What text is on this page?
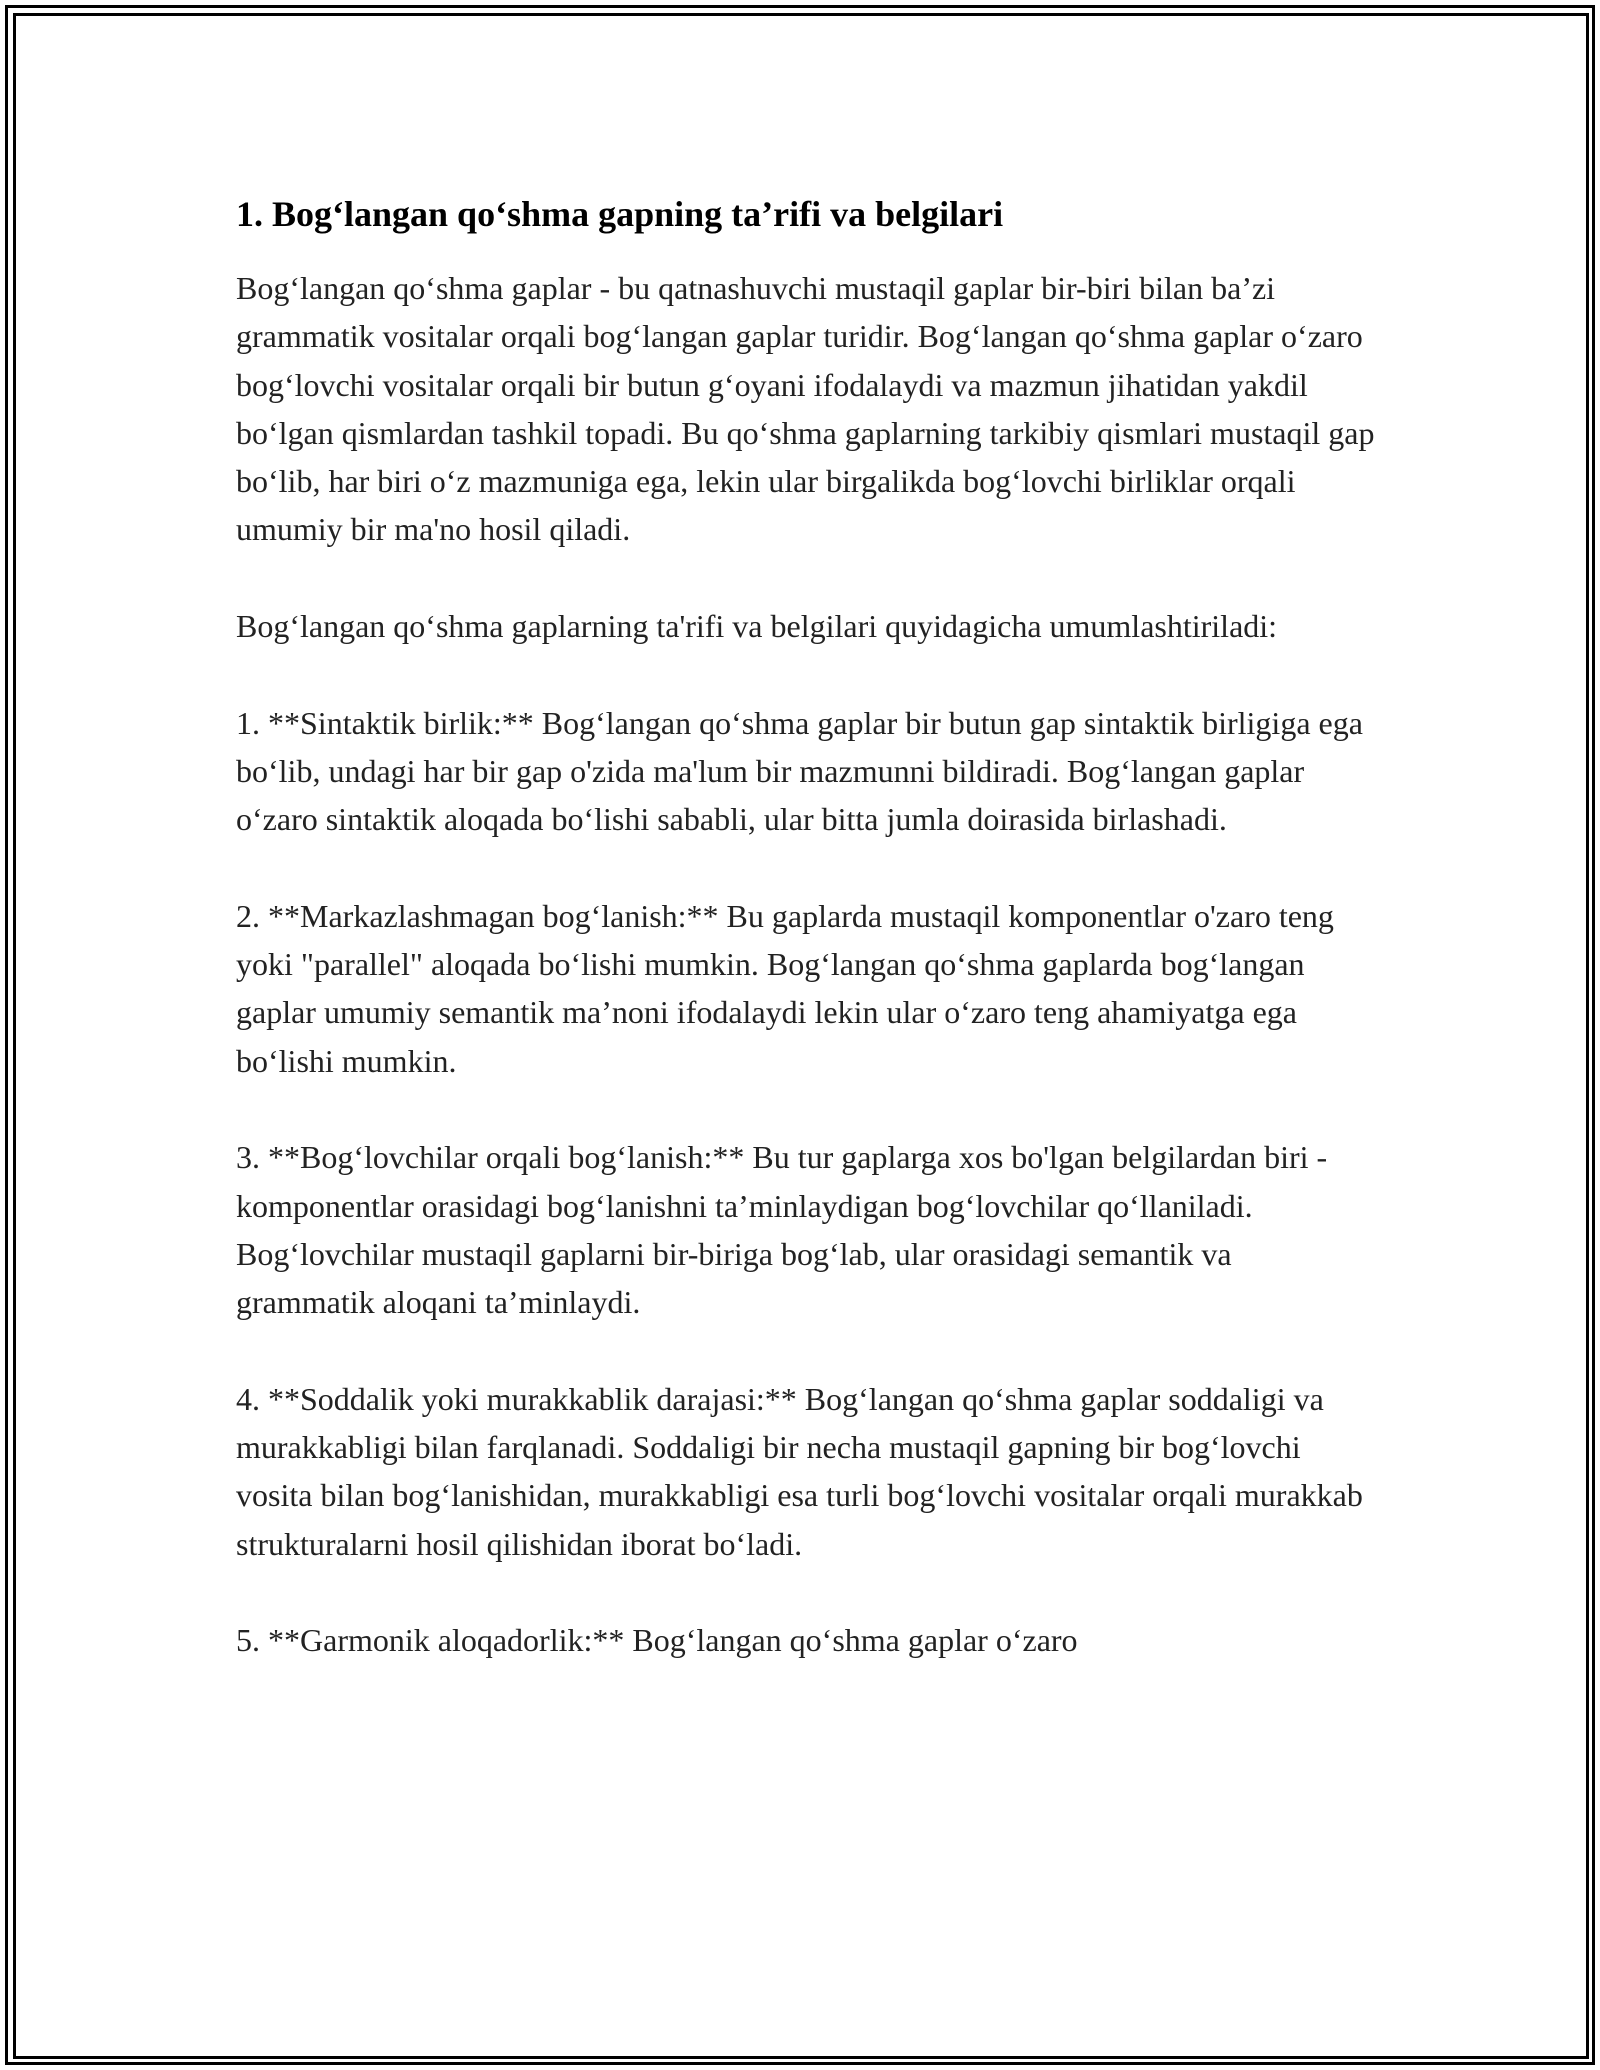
1. Bog‘langan qo‘shma gapning ta’rifi va belgilari

Bog‘langan qo‘shma gaplar - bu qatnashuvchi mustaqil gaplar bir-biri bilan ba’zi grammatik vositalar orqali bog‘langan gaplar turidir. Bog‘langan qo‘shma gaplar o‘zaro bog‘lovchi vositalar orqali bir butun g‘oyani ifodalaydi va mazmun jihatidan yakdil bo‘lgan qismlardan tashkil topadi. Bu qo‘shma gaplarning tarkibiy qismlari mustaqil gap bo‘lib, har biri o‘z mazmuniga ega, lekin ular birgalikda bog‘lovchi birliklar orqali umumiy bir ma'no hosil qiladi.

Bog‘langan qo‘shma gaplarning ta'rifi va belgilari quyidagicha umumlashtiriladi:

1. **Sintaktik birlik:** Bog‘langan qo‘shma gaplar bir butun gap sintaktik birligiga ega bo‘lib, undagi har bir gap o'zida ma'lum bir mazmunni bildiradi. Bog‘langan gaplar o‘zaro sintaktik aloqada bo‘lishi sababli, ular bitta jumla doirasida birlashadi.

2. **Markazlashmagan bog‘lanish:** Bu gaplarda mustaqil komponentlar o'zaro teng yoki "parallel" aloqada bo‘lishi mumkin. Bog‘langan qo‘shma gaplarda bog‘langan gaplar umumiy semantik ma’noni ifodalaydi lekin ular o‘zaro teng ahamiyatga ega bo‘lishi mumkin.

3. **Bog‘lovchilar orqali bog‘lanish:** Bu tur gaplarga xos bo'lgan belgilardan biri - komponentlar orasidagi bog‘lanishni ta’minlaydigan bog‘lovchilar qo‘llaniladi. Bog‘lovchilar mustaqil gaplarni bir-biriga bog‘lab, ular orasidagi semantik va grammatik aloqani ta’minlaydi.

4. **Soddalik yoki murakkablik darajasi:** Bog‘langan qo‘shma gaplar soddaligi va murakkabligi bilan farqlanadi. Soddaligi bir necha mustaqil gapning bir bog‘lovchi vosita bilan bog‘lanishidan, murakkabligi esa turli bog‘lovchi vositalar orqali murakkab strukturalarni hosil qilishidan iborat bo‘ladi.

5. **Garmonik aloqadorlik:** Bog‘langan qo‘shma gaplar o‘zaro
